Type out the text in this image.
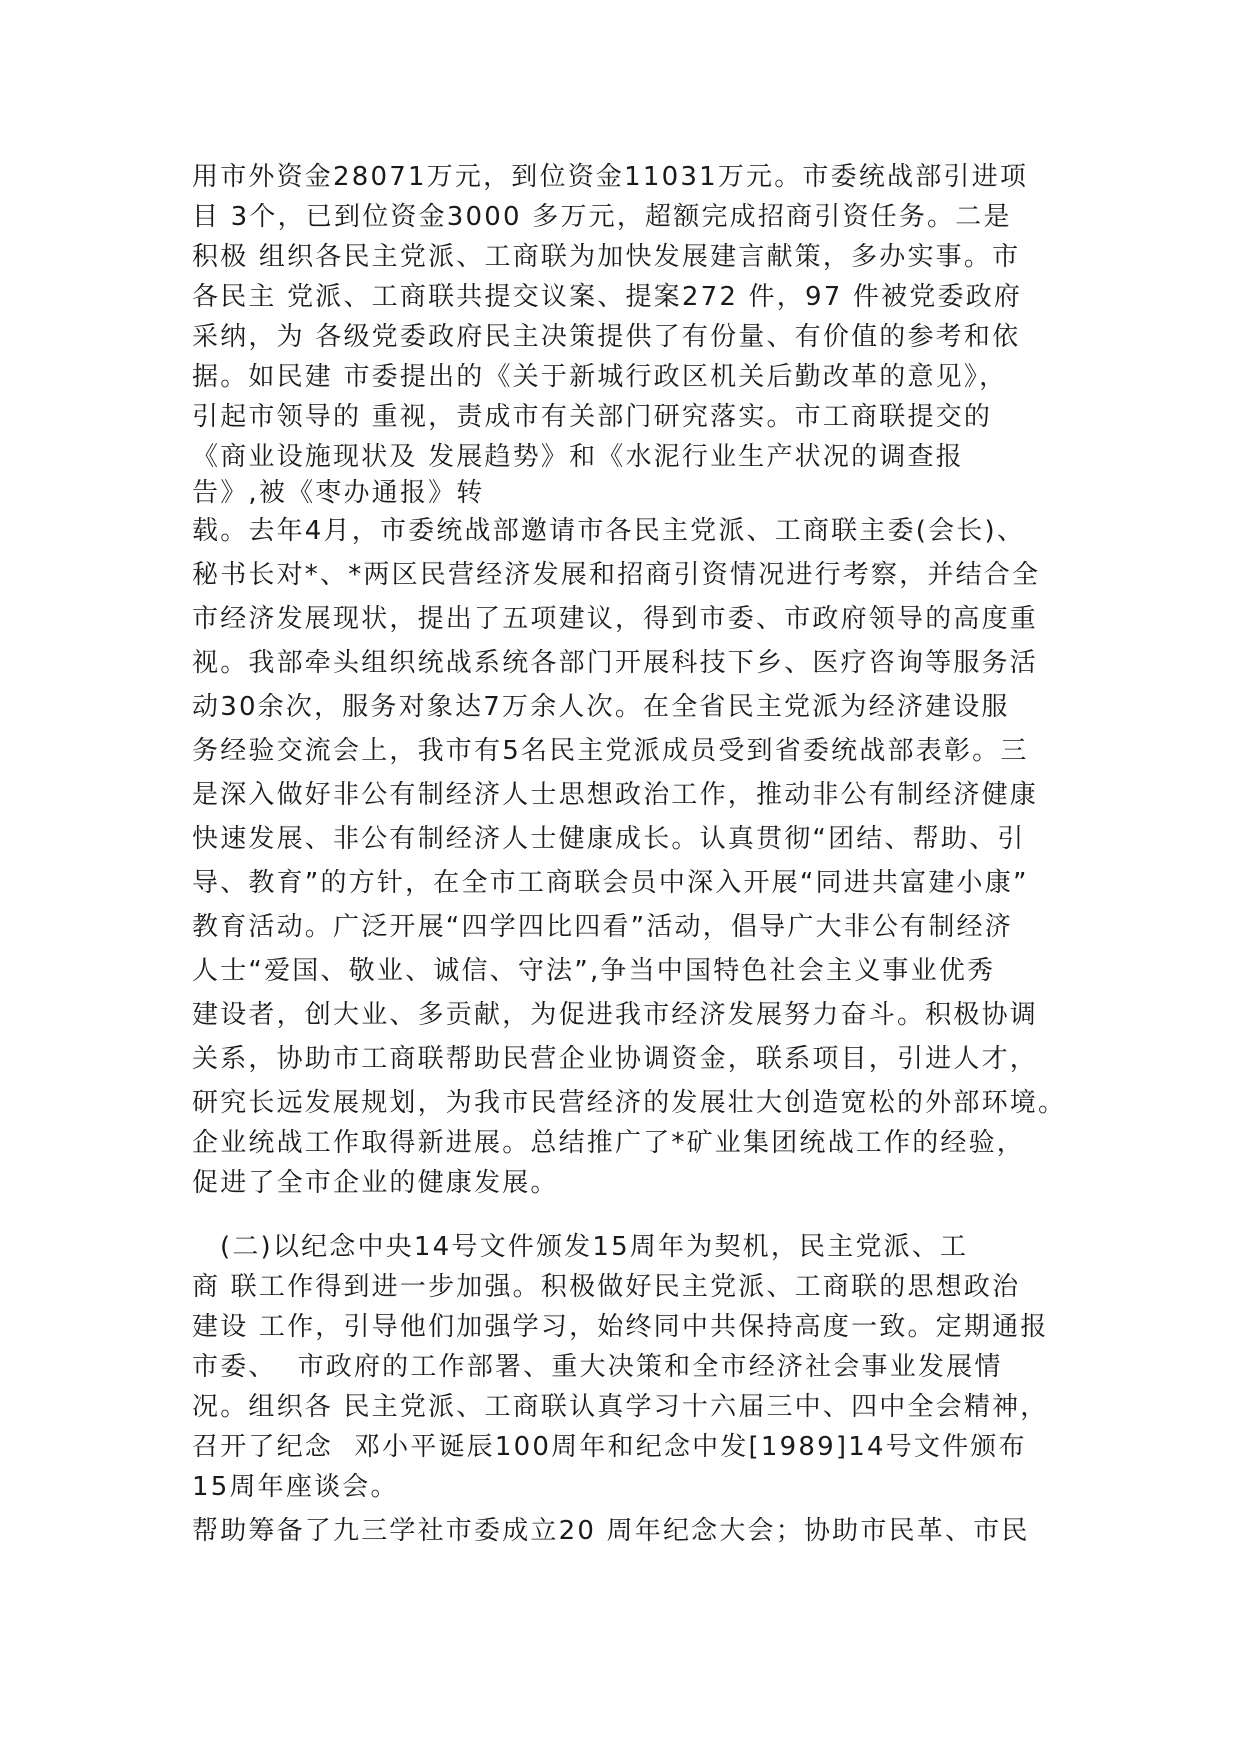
用市外资金28071万元，到位资金11031万元。市委统战部引进项
目 3个，已到位资金3000 多万元，超额完成招商引资任务。二是
积极 组织各民主党派、工商联为加快发展建言献策，多办实事。市
各民主 党派、工商联共提交议案、提案272 件，97 件被党委政府
采纳，为 各级党委政府民主决策提供了有份量、有价值的参考和依
据。如民建 市委提出的《关于新城行政区机关后勤改革的意见》，
引起市领导的 重视，责成市有关部门研究落实。市工商联提交的
《商业设施现状及 发展趋势》和《水泥行业生产状况的调查报
告》,被《枣办通报》转
载。去年4月，市委统战部邀请市各民主党派、工商联主委(会长)、
秘书长对*、*两区民营经济发展和招商引资情况进行考察，并结合全
市经济发展现状，提出了五项建议，得到市委、市政府领导的高度重
视。我部牵头组织统战系统各部门开展科技下乡、医疗咨询等服务活
动30余次，服务对象达7万余人次。在全省民主党派为经济建设服
务经验交流会上，我市有5名民主党派成员受到省委统战部表彰。三
是深入做好非公有制经济人士思想政治工作，推动非公有制经济健康
快速发展、非公有制经济人士健康成长。认真贯彻“团结、帮助、引
导、教育”的方针，在全市工商联会员中深入开展“同进共富建小康”
教育活动。广泛开展“四学四比四看”活动，倡导广大非公有制经济
人士“爱国、敬业、诚信、守法”,争当中国特色社会主义事业优秀
建设者，创大业、多贡献，为促进我市经济发展努力奋斗。积极协调
关系，协助市工商联帮助民营企业协调资金，联系项目，引进人才，
研究长远发展规划，为我市民营经济的发展壮大创造宽松的外部环境。
企业统战工作取得新进展。总结推广了*矿业集团统战工作的经验，
促进了全市企业的健康发展。
(二)以纪念中央14号文件颁发15周年为契机，民主党派、工
商 联工作得到进一步加强。积极做好民主党派、工商联的思想政治
建设 工作，引导他们加强学习，始终同中共保持高度一致。定期通报
市委、  市政府的工作部署、重大决策和全市经济社会事业发展情
况。组织各 民主党派、工商联认真学习十六届三中、四中全会精神，
召开了纪念  邓小平诞辰100周年和纪念中发[1989]14号文件颁布
15周年座谈会。
帮助筹备了九三学社市委成立20 周年纪念大会；协助市民革、市民
